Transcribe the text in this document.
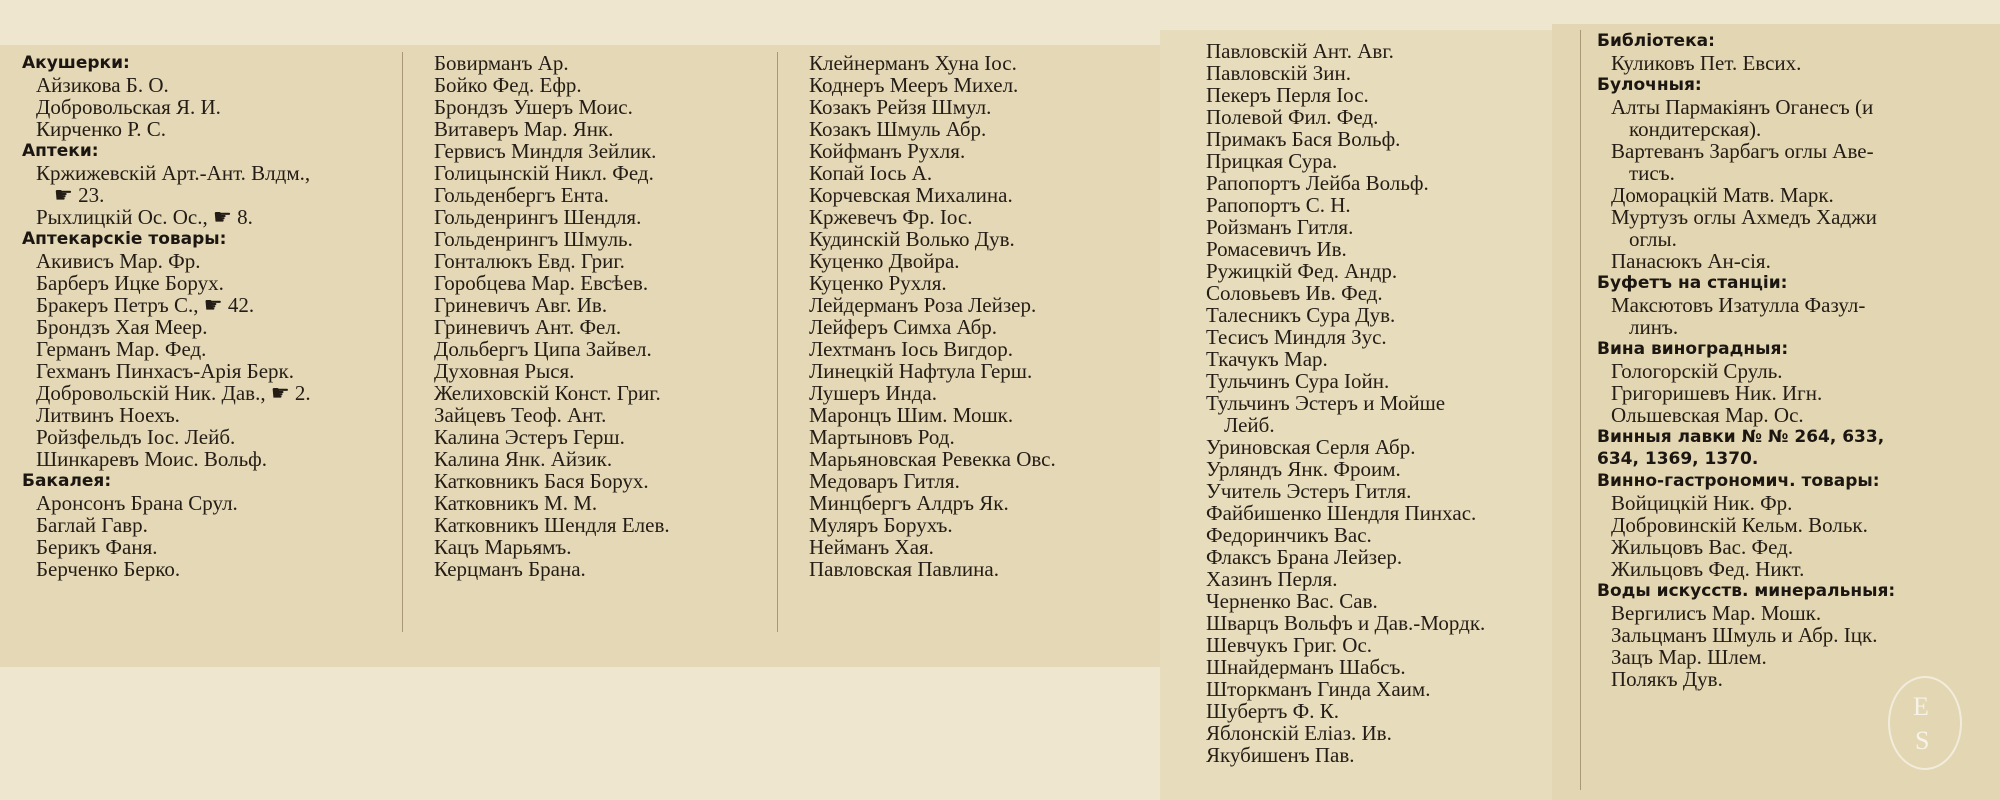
Акушерки:
Айзикова Б. О.
Добровольская Я. И.
Кирченко Р. С.
Аптеки:
Кржижевскiй Арт.-Ант. Влдм.,
☛ 23.
Рыхлицкiй Ос. Ос., ☛ 8.
Аптекарскiе товары:
Акивисъ Мар. Фр.
Барберъ Ицке Борух.
Бракеръ Петръ С., ☛ 42.
Брондзъ Хая Меер.
Германъ Мар. Фед.
Гехманъ Пинхасъ-Арiя Берк.
Добровольскiй Ник. Дав., ☛ 2.
Литвинъ Ноехъ.
Ройзфельдъ Іос. Лейб.
Шинкаревъ Моис. Вольф.
Бакалея:
Аронсонъ Брана Срул.
Баглай Гавр.
Берикъ Фаня.
Берченко Берко.
Бовирманъ Ар.
Бойко Фед. Ефр.
Брондзъ Ушеръ Моис.
Витаверъ Мар. Янк.
Гервисъ Миндля Зейлик.
Голицынскiй Никл. Фед.
Гольденбергъ Ента.
Гольденрингъ Шендля.
Гольденрингъ Шмуль.
Гонталюкъ Евд. Григ.
Горобцева Мар. Евсѣев.
Гриневичъ Авг. Ив.
Гриневичъ Ант. Фел.
Дольбергъ Ципа Зайвел.
Духовная Рыся.
Желиховскiй Конст. Григ.
Зайцевъ Теоф. Ант.
Калина Эстеръ Герш.
Калина Янк. Айзик.
Катковникъ Бася Борух.
Катковникъ М. М.
Катковникъ Шендля Елев.
Кацъ Марьямъ.
Керцманъ Брана.
Клейнерманъ Хуна Іос.
Коднеръ Мееръ Михел.
Козакъ Рейзя Шмул.
Козакъ Шмуль Абр.
Койфманъ Рухля.
Копай Іось А.
Корчевская Михалина.
Кржевечъ Фр. Іос.
Кудинскiй Волько Дув.
Куценко Двойра.
Куценко Рухля.
Лейдерманъ Роза Лейзер.
Лейферъ Симха Абр.
Лехтманъ Іось Вигдор.
Линецкiй Нафтула Герш.
Лушеръ Инда.
Маронцъ Шим. Мошк.
Мартыновъ Род.
Марьяновская Ревекка Овс.
Медоваръ Гитля.
Минцбергъ Алдръ Як.
Муляръ Борухъ.
Нейманъ Хая.
Павловская Павлина.
Павловскiй Ант. Авг.
Павловскiй Зин.
Пекеръ Перля Іос.
Полевой Фил. Фед.
Примакъ Бася Вольф.
Прицкая Сура.
Рапопортъ Лейба Вольф.
Рапопортъ С. Н.
Ройзманъ Гитля.
Ромасевичъ Ив.
Ружицкiй Фед. Андр.
Соловьевъ Ив. Фед.
Талесникъ Сура Дув.
Тесисъ Миндля Зус.
Ткачукъ Мар.
Тульчинъ Сура Іойн.
Тульчинъ Эстеръ и Мойше
Лейб.
Уриновская Серля Абр.
Урляндъ Янк. Фроим.
Учитель Эстеръ Гитля.
Файбишенко Шендля Пинхас.
Федоринчикъ Вас.
Флаксъ Брана Лейзер.
Хазинъ Перля.
Черненко Вас. Сав.
Шварцъ Вольфъ и Дав.-Мордк.
Шевчукъ Григ. Ос.
Шнайдерманъ Шабсъ.
Шторкманъ Гинда Хаим.
Шубертъ Ф. К.
Яблонскiй Елiаз. Ив.
Якубишенъ Пав.
Библiотека:
Куликовъ Пет. Евсих.
Булочныя:
Алты Пармакiянъ Оганесъ (и
кондитерская).
Вартеванъ Зарбагъ оглы Аве-
тисъ.
Доморацкiй Матв. Марк.
Муртузъ оглы Ахмедъ Хаджи
оглы.
Панасюкъ Ан-сiя.
Буфетъ на станцiи:
Максютовъ Изатулла Фазул-
линъ.
Вина виноградныя:
Гологорскiй Сруль.
Григоришевъ Ник. Игн.
Ольшевская Мар. Ос.
Винныя лавки № № 264, 633,
634, 1369, 1370.
Винно-гастрономич. товары:
Войцицкiй Ник. Фр.
Добровинскiй Кельм. Вольк.
Жильцовъ Вас. Фед.
Жильцовъ Фед. Никт.
Воды искусств. минеральныя:
Вергилисъ Мар. Мошк.
Зальцманъ Шмуль и Абр. Іцк.
Зацъ Мар. Шлем.
Полякъ Дув.
E
S
